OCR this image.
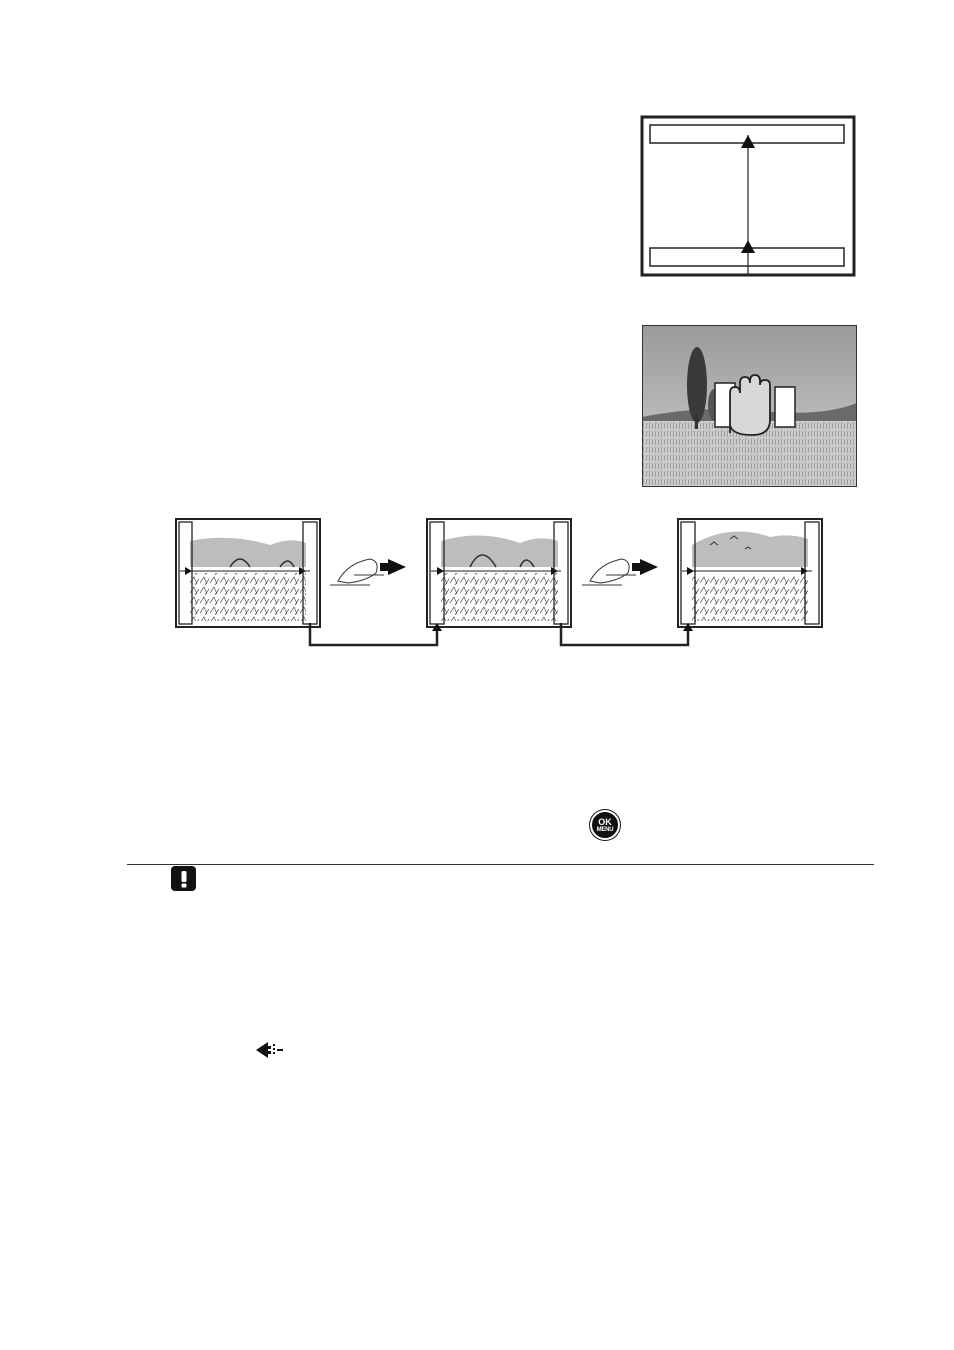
OK
MENU
